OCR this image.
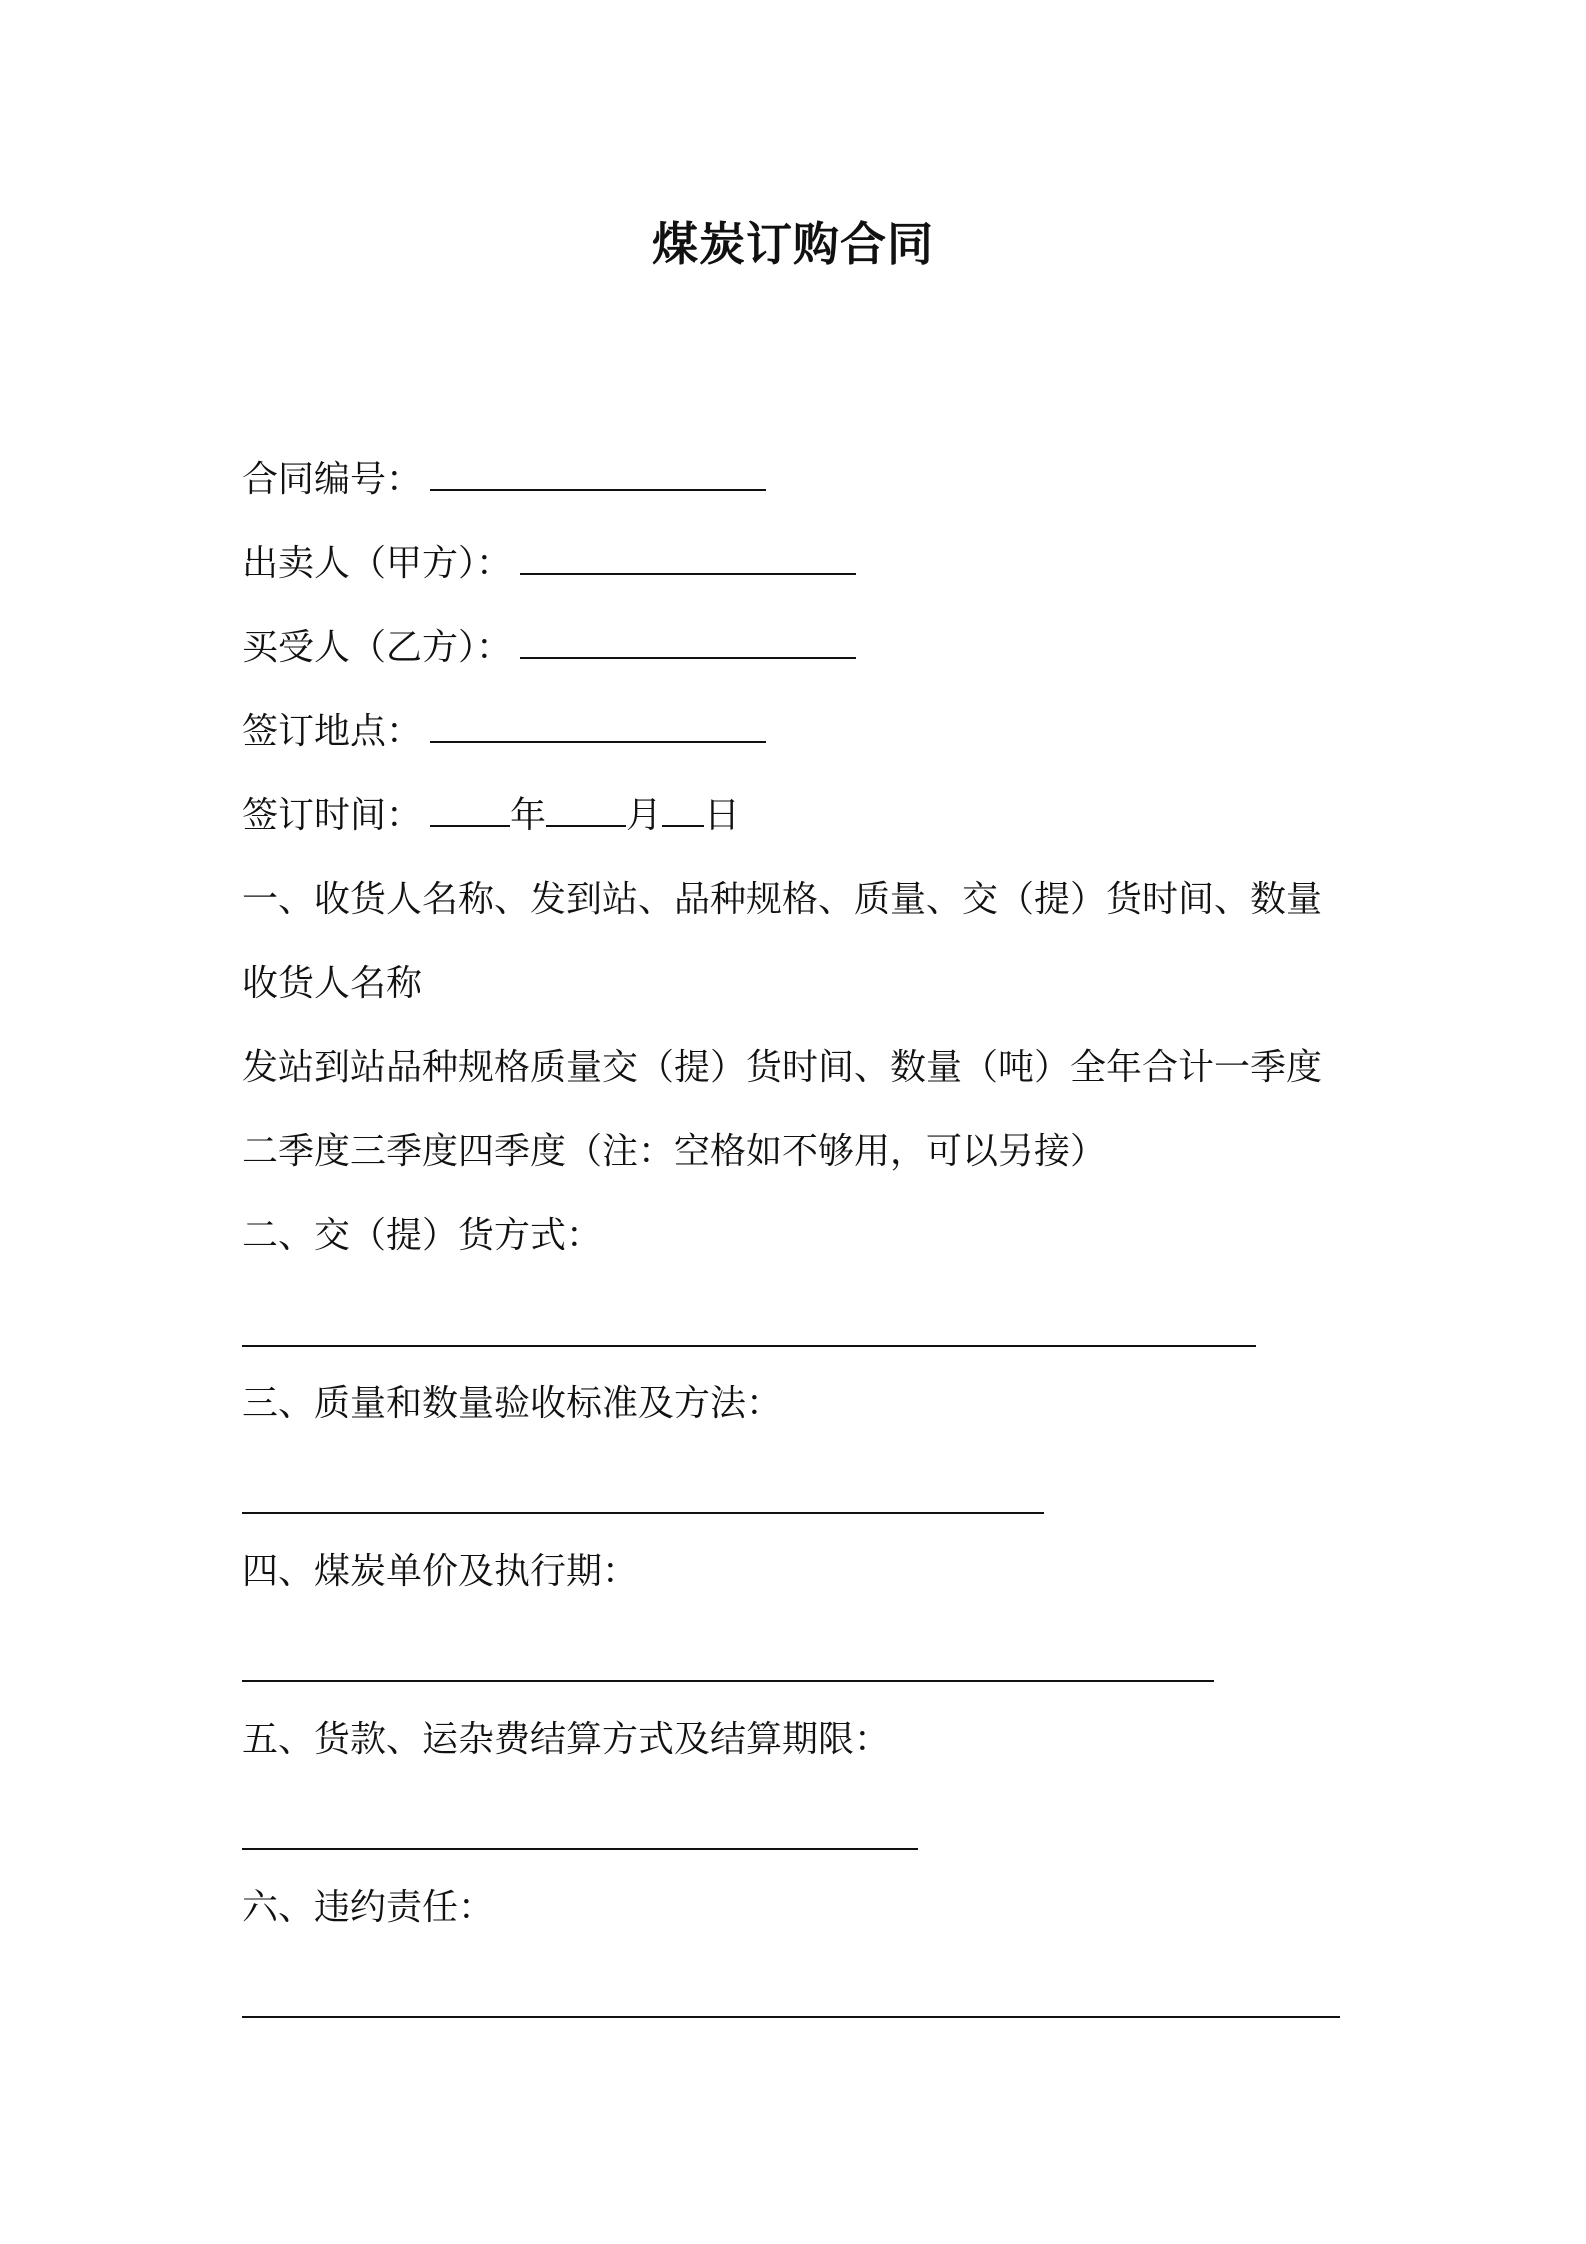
煤炭订购合同
合同编号：
出卖人（甲方）：
买受人（乙方）：
签订地点：
签订时间： 年 月 日
一、收货人名称、发到站、品种规格、质量、交（提）货时间、数量
收货人名称
发站到站品种规格质量交（提）货时间、数量（吨）全年合计一季度
二季度三季度四季度（注：空格如不够用，可以另接）
二、交（提）货方式：
三、质量和数量验收标准及方法：
四、煤炭单价及执行期：
五、货款、运杂费结算方式及结算期限：
六、违约责任：
